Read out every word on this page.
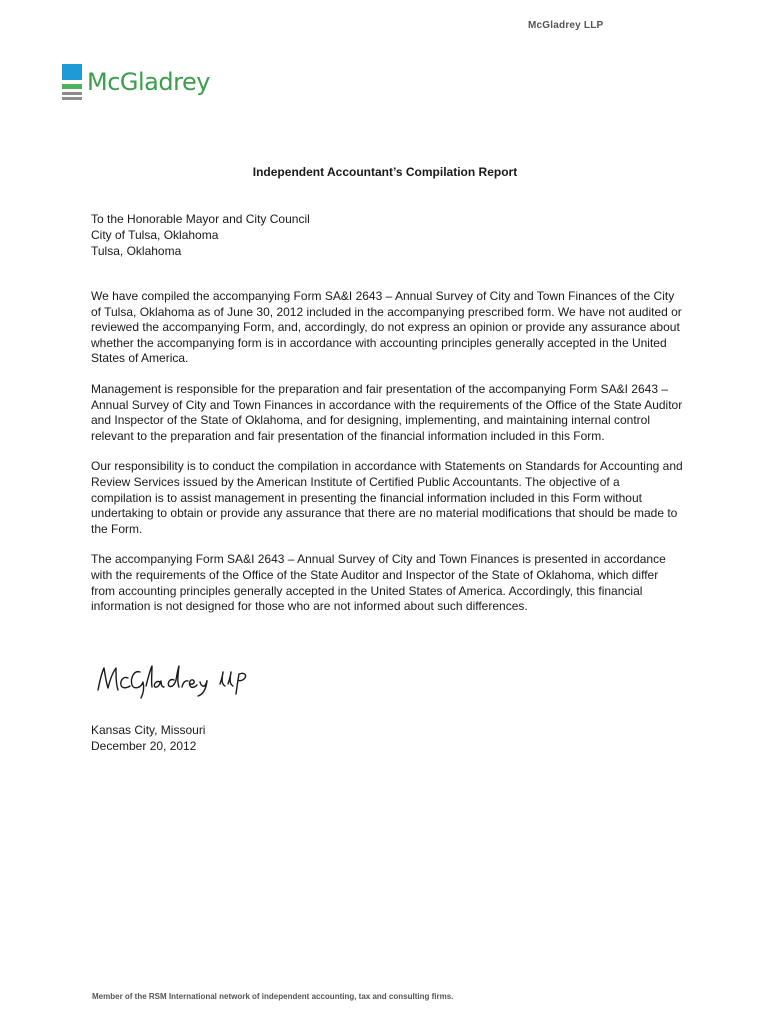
McGladrey LLP
McGladrey
Independent Accountant’s Compilation Report
To the Honorable Mayor and City Council
City of Tulsa, Oklahoma
Tulsa, Oklahoma

We have compiled the accompanying Form SA&I 2643 – Annual Survey of City and Town Finances of the City of Tulsa, Oklahoma as of June 30, 2012 included in the accompanying prescribed form. We have not audited or reviewed the accompanying Form, and, accordingly, do not express an opinion or provide any assurance about whether the accompanying form is in accordance with accounting principles generally accepted in the United States of America.

Management is responsible for the preparation and fair presentation of the accompanying Form SA&I 2643 – Annual Survey of City and Town Finances in accordance with the requirements of the Office of the State Auditor and Inspector of the State of Oklahoma, and for designing, implementing, and maintaining internal control relevant to the preparation and fair presentation of the financial information included in this Form.

Our responsibility is to conduct the compilation in accordance with Statements on Standards for Accounting and Review Services issued by the American Institute of Certified Public Accountants. The objective of a compilation is to assist management in presenting the financial information included in this Form without undertaking to obtain or provide any assurance that there are no material modifications that should be made to the Form.

The accompanying Form SA&I 2643 – Annual Survey of City and Town Finances is presented in accordance with the requirements of the Office of the State Auditor and Inspector of the State of Oklahoma, which differ from accounting principles generally accepted in the United States of America. Accordingly, this financial information is not designed for those who are not informed about such differences.

Kansas City, Missouri
December 20, 2012
Member of the RSM International network of independent accounting, tax and consulting firms.
